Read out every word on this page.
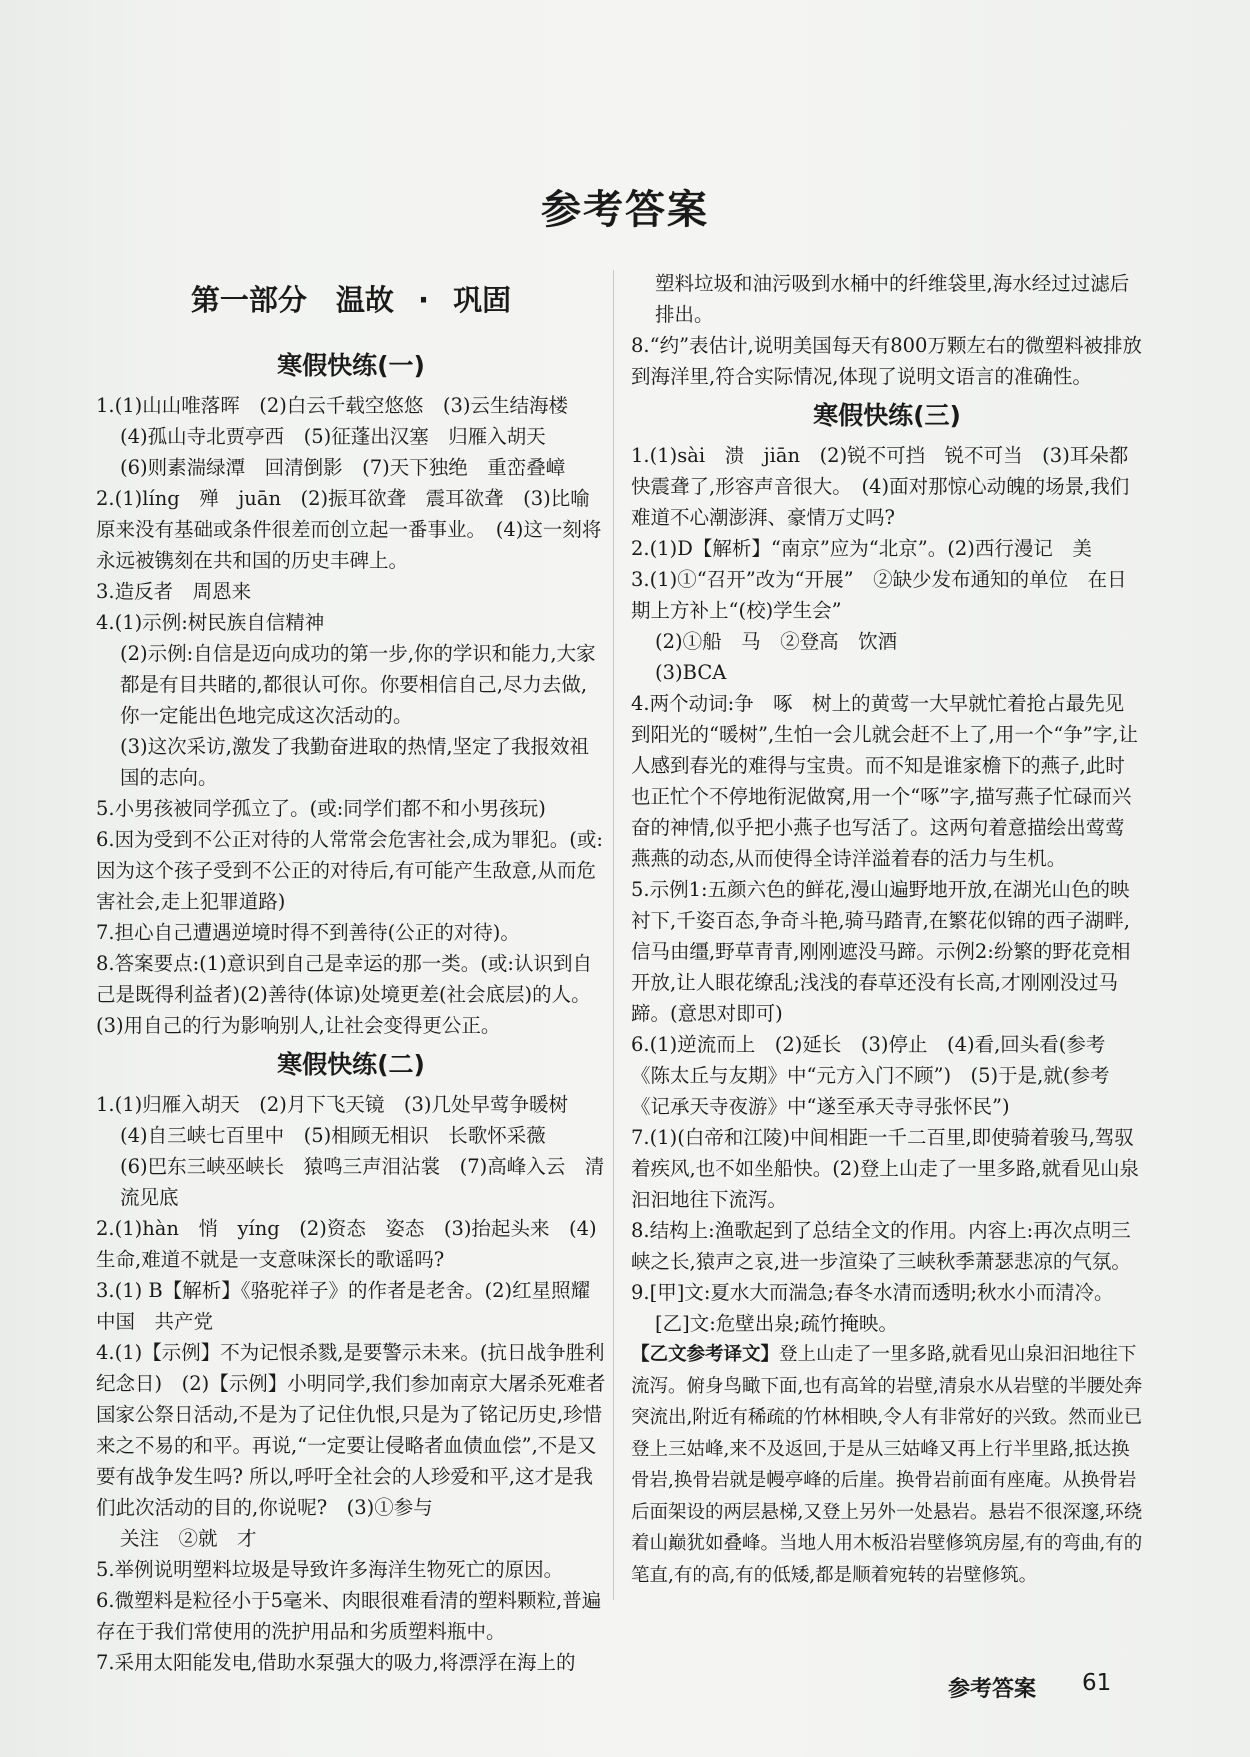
参考答案
第一部分　温故 · 巩固
寒假快练(一)

1.(1)山山唯落晖　(2)白云千载空悠悠　(3)云生结海楼

(4)孤山寺北贾亭西　(5)征蓬出汉塞　归雁入胡天

(6)则素湍绿潭　回清倒影　(7)天下独绝　重峦叠嶂

2.(1)líng　殚　juān　(2)振耳欲聋　震耳欲聋　(3)比喻原来没有基础或条件很差而创立起一番事业。　(4)这一刻将永远被镌刻在共和国的历史丰碑上。

3.造反者　周恩来

4.(1)示例:树民族自信精神

(2)示例:自信是迈向成功的第一步,你的学识和能力,大家都是有目共睹的,都很认可你。你要相信自己,尽力去做,你一定能出色地完成这次活动的。

(3)这次采访,激发了我勤奋进取的热情,坚定了我报效祖国的志向。

5.小男孩被同学孤立了。(或:同学们都不和小男孩玩)

6.因为受到不公正对待的人常常会危害社会,成为罪犯。(或:因为这个孩子受到不公正的对待后,有可能产生敌意,从而危害社会,走上犯罪道路)

7.担心自己遭遇逆境时得不到善待(公正的对待)。

8.答案要点:(1)意识到自己是幸运的那一类。(或:认识到自己是既得利益者)(2)善待(体谅)处境更差(社会底层)的人。(3)用自己的行为影响别人,让社会变得更公正。

寒假快练(二)

1.(1)归雁入胡天　(2)月下飞天镜　(3)几处早莺争暖树

(4)自三峡七百里中　(5)相顾无相识　长歌怀采薇

(6)巴东三峡巫峡长　猿鸣三声泪沾裳　(7)高峰入云　清流见底

2.(1)hàn　悄　yíng　(2)资态　姿态　(3)抬起头来　(4)生命,难道不就是一支意味深长的歌谣吗?

3.(1) B【解析】《骆驼祥子》的作者是老舍。(2)红星照耀中国　共产党

4.(1)【示例】不为记恨杀戮,是要警示未来。(抗日战争胜利纪念日)　(2)【示例】小明同学,我们参加南京大屠杀死难者国家公祭日活动,不是为了记住仇恨,只是为了铭记历史,珍惜来之不易的和平。再说,“一定要让侵略者血债血偿”,不是又要有战争发生吗? 所以,呼吁全社会的人珍爱和平,这才是我们此次活动的目的,你说呢?　(3)①参与

关注　②就　才

5.举例说明塑料垃圾是导致许多海洋生物死亡的原因。

6.微塑料是粒径小于5毫米、肉眼很难看清的塑料颗粒,普遍存在于我们常使用的洗护用品和劣质塑料瓶中。

7.采用太阳能发电,借助水泵强大的吸力,将漂浮在海上的

塑料垃圾和油污吸到水桶中的纤维袋里,海水经过过滤后排出。

8.“约”表估计,说明美国每天有800万颗左右的微塑料被排放到海洋里,符合实际情况,体现了说明文语言的准确性。

寒假快练(三)

1.(1)sài　溃　jiān　(2)锐不可挡　锐不可当　(3)耳朵都快震聋了,形容声音很大。　(4)面对那惊心动魄的场景,我们难道不心潮澎湃、豪情万丈吗?

2.(1)D【解析】“南京”应为“北京”。(2)西行漫记　美

3.(1)①“召开”改为“开展”　②缺少发布通知的单位　在日期上方补上“(校)学生会”

(2)①船　马　②登高　饮酒

(3)BCA

4.两个动词:争　啄　树上的黄莺一大早就忙着抢占最先见到阳光的“暖树”,生怕一会儿就会赶不上了,用一个“争”字,让人感到春光的难得与宝贵。而不知是谁家檐下的燕子,此时也正忙个不停地衔泥做窝,用一个“啄”字,描写燕子忙碌而兴奋的神情,似乎把小燕子也写活了。这两句着意描绘出莺莺燕燕的动态,从而使得全诗洋溢着春的活力与生机。

5.示例1:五颜六色的鲜花,漫山遍野地开放,在湖光山色的映衬下,千姿百态,争奇斗艳,骑马踏青,在繁花似锦的西子湖畔,信马由缰,野草青青,刚刚遮没马蹄。示例2:纷繁的野花竞相开放,让人眼花缭乱;浅浅的春草还没有长高,才刚刚没过马蹄。(意思对即可)

6.(1)逆流而上　(2)延长　(3)停止　(4)看,回头看(参考《陈太丘与友期》中“元方入门不顾”)　(5)于是,就(参考《记承天寺夜游》中“遂至承天寺寻张怀民”)

7.(1)(白帝和江陵)中间相距一千二百里,即使骑着骏马,驾驭着疾风,也不如坐船快。(2)登上山走了一里多路,就看见山泉汩汩地往下流泻。

8.结构上:渔歌起到了总结全文的作用。内容上:再次点明三峡之长,猿声之哀,进一步渲染了三峡秋季萧瑟悲凉的气氛。

9.[甲]文:夏水大而湍急;春冬水清而透明;秋水小而清冷。

[乙]文:危壁出泉;疏竹掩映。

【乙文参考译文】登上山走了一里多路,就看见山泉汩汩地往下流泻。俯身鸟瞰下面,也有高耸的岩壁,清泉水从岩壁的半腰处奔突流出,附近有稀疏的竹林相映,令人有非常好的兴致。然而业已登上三姑峰,来不及返回,于是从三姑峰又再上行半里路,抵达换骨岩,换骨岩就是幔亭峰的后崖。换骨岩前面有座庵。从换骨岩后面架设的两层悬梯,又登上另外一处悬岩。悬岩不很深邃,环绕着山巅犹如叠峰。当地人用木板沿岩壁修筑房屋,有的弯曲,有的笔直,有的高,有的低矮,都是顺着宛转的岩壁修筑。

参考答案 61
